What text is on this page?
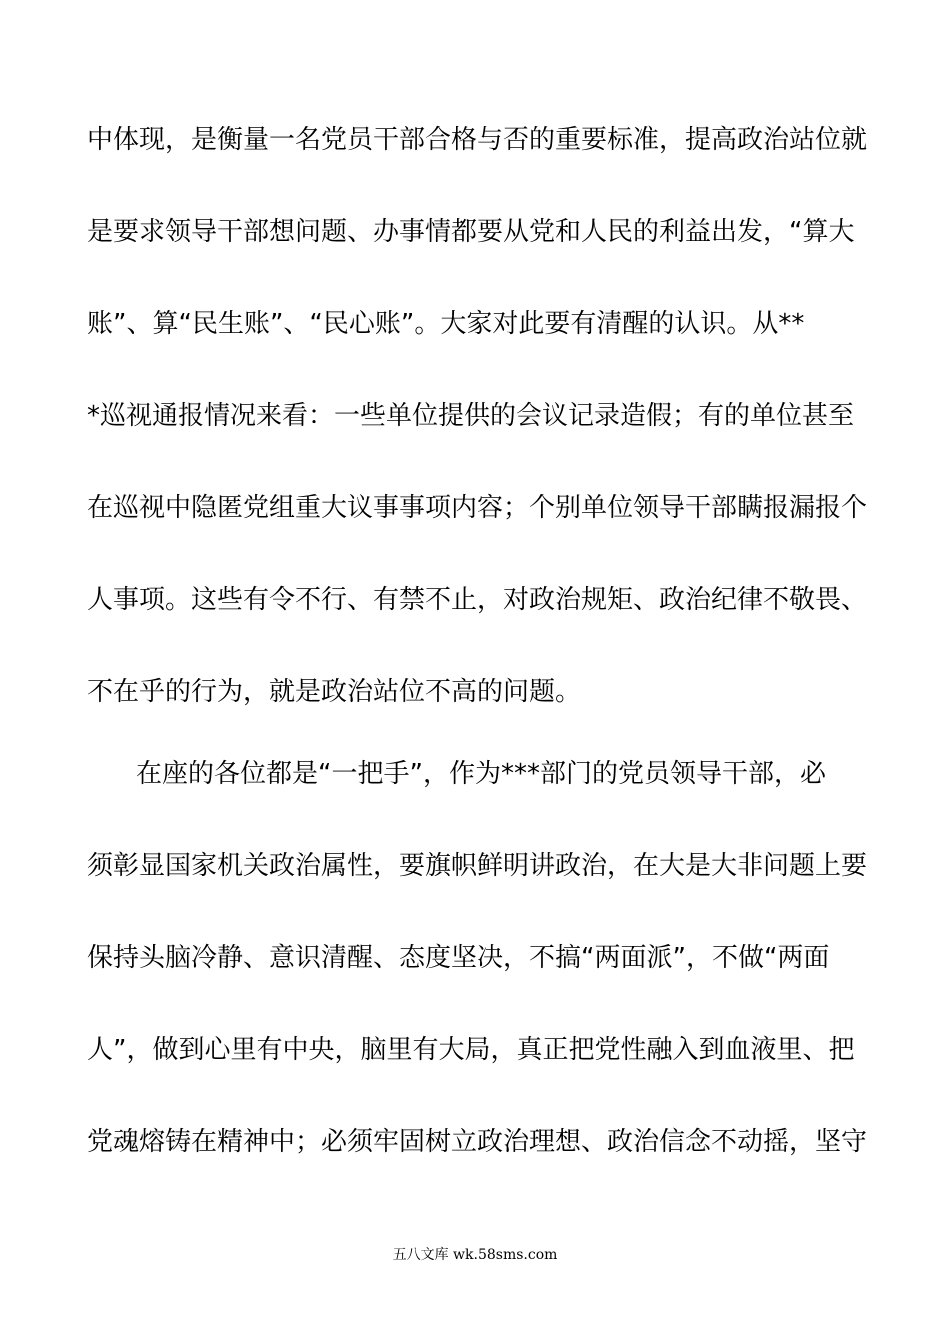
中体现，是衡量一名党员干部合格与否的重要标准，提高政治站位就
是要求领导干部想问题、办事情都要从党和人民的利益出发，“算大
账”、算“民生账”、“民心账”。大家对此要有清醒的认识。从**
*巡视通报情况来看：一些单位提供的会议记录造假；有的单位甚至
在巡视中隐匿党组重大议事事项内容；个别单位领导干部瞒报漏报个
人事项。这些有令不行、有禁不止，对政治规矩、政治纪律不敬畏、
不在乎的行为，就是政治站位不高的问题。
在座的各位都是“一把手”，作为***部门的党员领导干部，必
须彰显国家机关政治属性，要旗帜鲜明讲政治，在大是大非问题上要
保持头脑冷静、意识清醒、态度坚决，不搞“两面派”，不做“两面
人”，做到心里有中央，脑里有大局，真正把党性融入到血液里、把
党魂熔铸在精神中；必须牢固树立政治理想、政治信念不动摇，坚守
五八文库 wk.58sms.com
